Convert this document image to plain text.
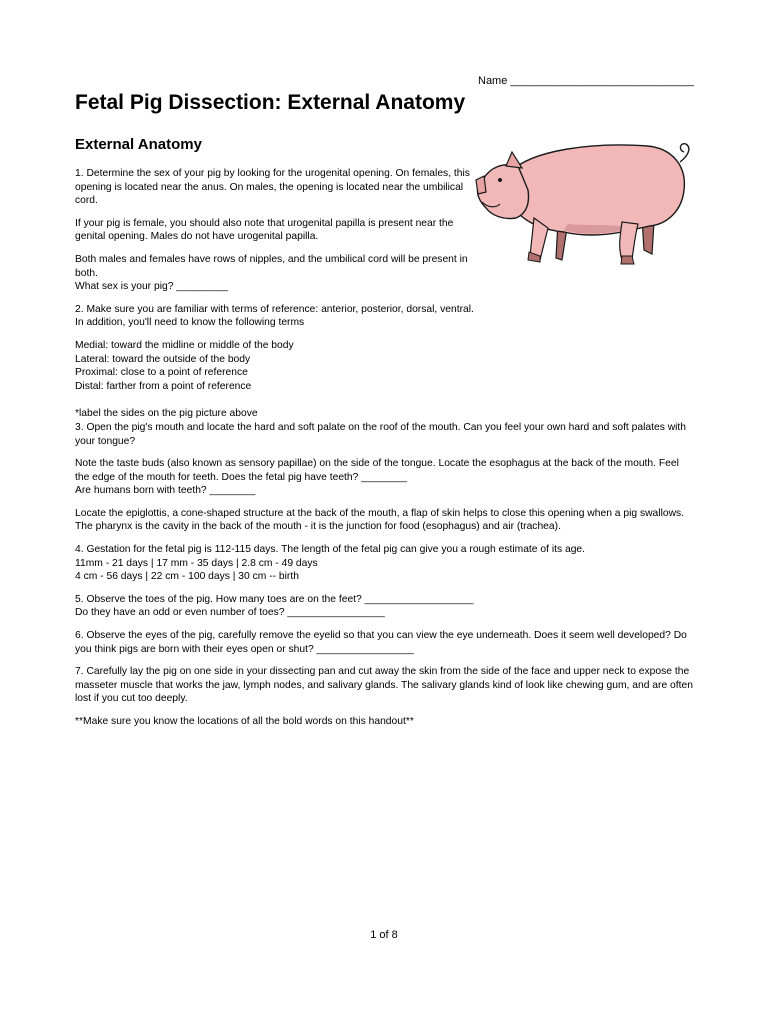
Name ______________________________
Fetal Pig Dissection: External Anatomy
External Anatomy

1. Determine the sex of your pig by looking for the urogenital opening. On females, this opening is located near the anus. On males, the opening is located near the umbilical cord.

If your pig is female, you should also note that urogenital papilla is present near the genital opening. Males do not have urogenital papilla.

Both males and females have rows of nipples, and the umbilical cord will be present in both.
What sex is your pig? _________

2. Make sure you are familiar with terms of reference: anterior, posterior, dorsal, ventral. In addition, you'll need to know the following terms

Medial: toward the midline or middle of the body
Lateral: toward the outside of the body
Proximal: close to a point of reference
Distal: farther from a point of reference

*label the sides on the pig picture above

3. Open the pig's mouth and locate the hard and soft palate on the roof of the mouth. Can you feel your own hard and soft palates with your tongue?

Note the taste buds (also known as sensory papillae) on the side of the tongue. Locate the esophagus at the back of the mouth. Feel the edge of the mouth for teeth. Does the fetal pig have teeth? ________
Are humans born with teeth? ________

Locate the epiglottis, a cone-shaped structure at the back of the mouth, a flap of skin helps to close this opening when a pig swallows. The pharynx is the cavity in the back of the mouth - it is the junction for food (esophagus) and air (trachea).

4. Gestation for the fetal pig is 112-115 days. The length of the fetal pig can give you a rough estimate of its age.
11mm - 21 days | 17 mm - 35 days | 2.8 cm - 49 days
4 cm - 56 days | 22 cm - 100 days | 30 cm -- birth

5. Observe the toes of the pig. How many toes are on the feet? ___________________
Do they have an odd or even number of toes? _________________

6. Observe the eyes of the pig, carefully remove the eyelid so that you can view the eye underneath. Does it seem well developed? Do you think pigs are born with their eyes open or shut? _________________

7. Carefully lay the pig on one side in your dissecting pan and cut away the skin from the side of the face and upper neck to expose the masseter muscle that works the jaw, lymph nodes, and salivary glands. The salivary glands kind of look like chewing gum, and are often lost if you cut too deeply.

**Make sure you know the locations of all the bold words on this handout**

1 of 8
